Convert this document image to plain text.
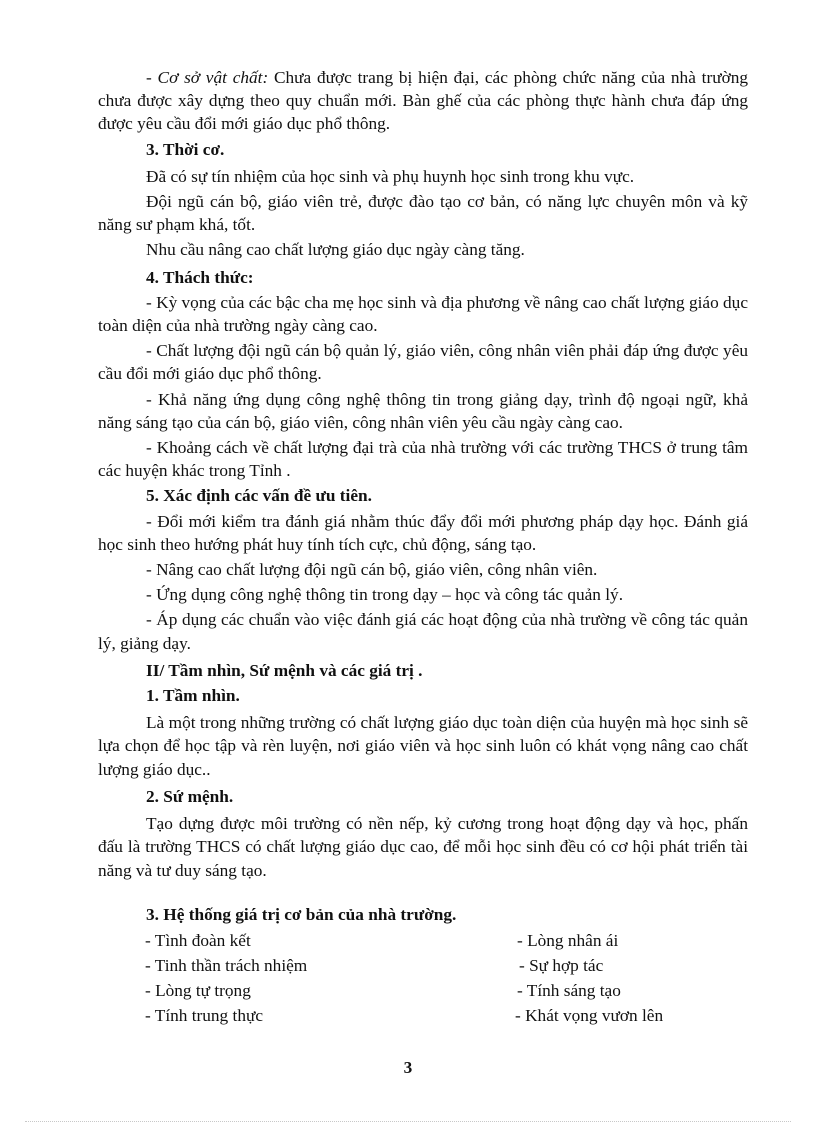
- Cơ sở vật chất: Chưa được trang bị hiện đại, các phòng chức năng của nhà trường chưa được xây dựng theo quy chuẩn mới. Bàn ghế của các phòng thực hành chưa đáp ứng được yêu cầu đổi mới giáo dục phổ thông.

3. Thời cơ.

Đã có sự tín nhiệm của học sinh và phụ huynh học sinh trong khu vực.

Đội ngũ cán bộ, giáo viên trẻ, được đào tạo cơ bản, có năng lực chuyên môn và kỹ năng sư phạm khá, tốt.

Nhu cầu nâng cao chất lượng giáo dục ngày càng tăng.

4. Thách thức:

- Kỳ vọng của các bậc cha mẹ học sinh và địa phương về nâng cao chất lượng giáo dục toàn diện của nhà trường ngày càng cao.

- Chất lượng đội ngũ cán bộ quản lý, giáo viên, công nhân viên phải đáp ứng được yêu cầu đổi mới giáo dục phổ thông.

- Khả năng ứng dụng công nghệ thông tin trong giảng dạy, trình độ ngoại ngữ, khả năng sáng tạo của cán bộ, giáo viên, công nhân viên yêu cầu ngày càng cao.

- Khoảng cách về chất lượng đại trà của nhà trường với các trường THCS ở trung tâm các huyện khác trong Tỉnh .

5. Xác định các vấn đề ưu tiên.

- Đổi mới kiểm tra đánh giá nhằm thúc đẩy đổi mới phương pháp dạy học. Đánh giá học sinh theo hướng phát huy tính tích cực, chủ động, sáng tạo.

- Nâng cao chất lượng đội ngũ cán bộ, giáo viên, công nhân viên.

- Ứng dụng công nghệ thông tin trong dạy – học và công tác quản lý.

- Áp dụng các chuẩn vào việc đánh giá các hoạt động của nhà trường về công tác quản lý, giảng dạy.

II/ Tầm nhìn, Sứ mệnh và các giá trị .

1. Tầm nhìn.

Là một trong những trường có chất lượng giáo dục toàn diện của huyện mà học sinh sẽ lựa chọn để học tập và rèn luyện, nơi giáo viên và học sinh luôn có khát vọng nâng cao chất lượng giáo dục..

2. Sứ mệnh.

Tạo dựng được môi trường có nền nếp, kỷ cương trong hoạt động dạy và học, phấn đấu là trường THCS có chất lượng giáo dục cao, để mỗi học sinh đều có cơ hội phát triển tài năng và tư duy sáng tạo.

3. Hệ thống giá trị cơ bản của nhà trường.

- Tình đoàn kết	- Lòng nhân ái
- Tinh thần trách nhiệm	- Sự hợp tác
- Lòng tự trọng	- Tính sáng tạo
- Tính trung thực	- Khát vọng vươn lên
3
